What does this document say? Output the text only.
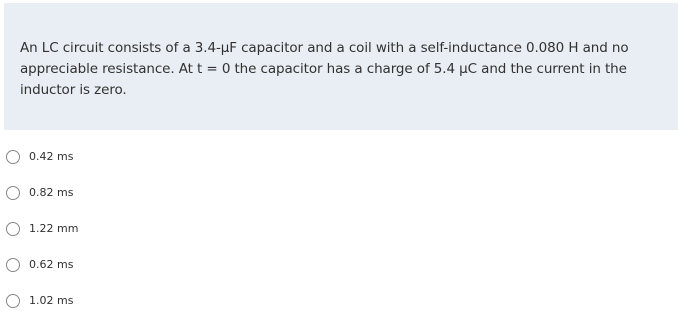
An LC circuit consists of a 3.4-μF capacitor and a coil with a self-inductance 0.080 H and no appreciable resistance. At t = 0 the capacitor has a charge of 5.4 μC and the current in the inductor is zero.

0.42 ms
0.82 ms
1.22 mm
0.62 ms
1.02 ms
